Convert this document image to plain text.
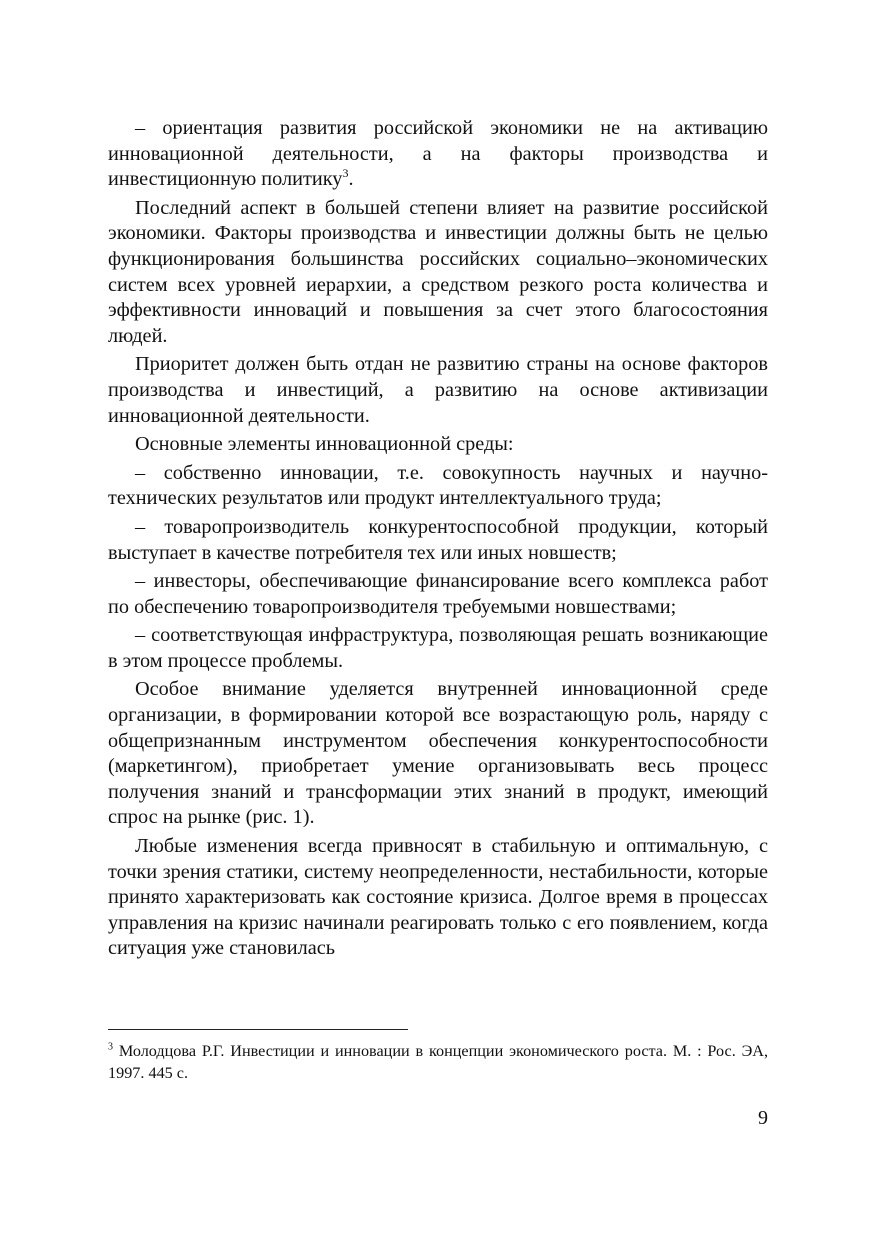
– ориентация развития российской экономики не на активацию инновационной деятельности, а на факторы производства и инвестиционную политику$^3$.

Последний аспект в большей степени влияет на развитие российской экономики. Факторы производства и инвестиции должны быть не целью функционирования большинства российских социально–экономических систем всех уровней иерархии, а средством резкого роста количества и эффективности инноваций и повышения за счет этого благосостояния людей.

Приоритет должен быть отдан не развитию страны на основе факторов производства и инвестиций, а развитию на основе активизации инновационной деятельности.

Основные элементы инновационной среды:

– собственно инновации, т.е. совокупность научных и научно-технических результатов или продукт интеллектуального труда;

– товаропроизводитель конкурентоспособной продукции, который выступает в качестве потребителя тех или иных новшеств;

– инвесторы, обеспечивающие финансирование всего комплекса работ по обеспечению товаропроизводителя требуемыми новшествами;

– соответствующая инфраструктура, позволяющая решать возникающие в этом процессе проблемы.

Особое внимание уделяется внутренней инновационной среде организации, в формировании которой все возрастающую роль, наряду с общепризнанным инструментом обеспечения конкурентоспособности (маркетингом), приобретает умение организовывать весь процесс получения знаний и трансформации этих знаний в продукт, имеющий спрос на рынке (рис. 1).

Любые изменения всегда привносят в стабильную и оптимальную, с точки зрения статики, систему неопределенности, нестабильности, которые принято характеризовать как состояние кризиса. Долгое время в процессах управления на кризис начинали реагировать только с его появлением, когда ситуация уже становилась

$^3$ Молодцова Р.Г. Инвестиции и инновации в концепции экономического роста. М. : Рос. ЭА, 1997. 445 с.

9
